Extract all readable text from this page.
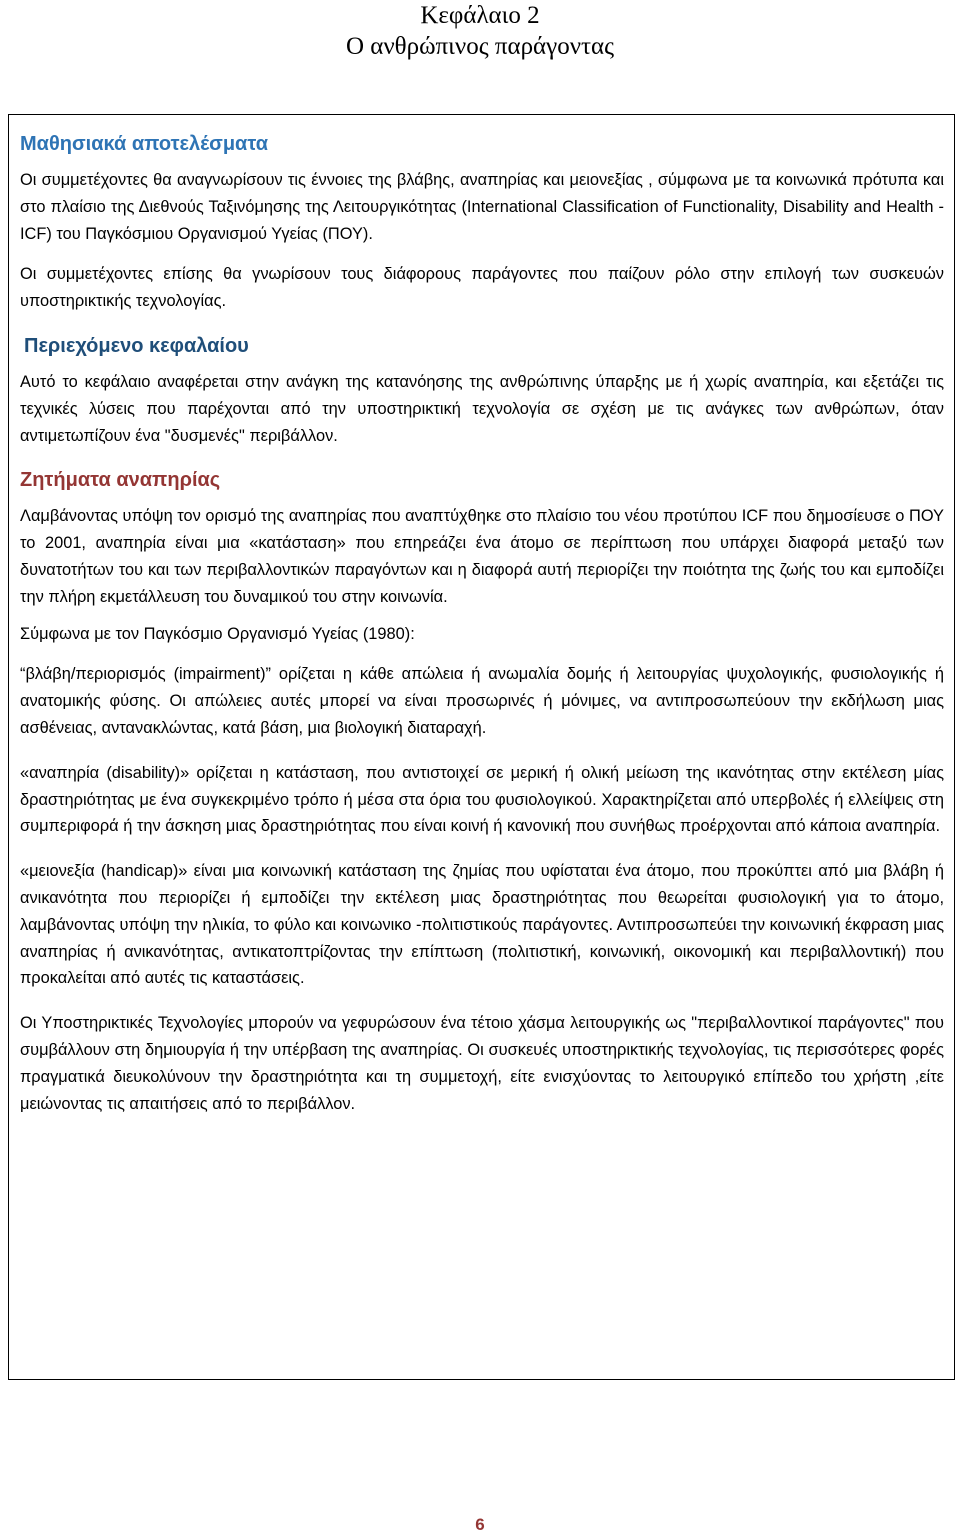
Κεφάλαιο 2
Ο ανθρώπινος παράγοντας
Μαθησιακά αποτελέσματα

Οι συμμετέχοντες θα αναγνωρίσουν τις έννοιες της βλάβης, αναπηρίας και μειονεξίας , σύμφωνα με τα κοινωνικά πρότυπα και στο πλαίσιο της Διεθνούς Ταξινόμησης της Λειτουργικότητας (International Classification of Functionality, Disability and Health - ICF) του Παγκόσμιου Οργανισμού Υγείας (ΠΟΥ).

Οι συμμετέχοντες επίσης θα γνωρίσουν τους διάφορους παράγοντες που παίζουν ρόλο στην επιλογή των συσκευών υποστηρικτικής τεχνολογίας.

Περιεχόμενο κεφαλαίου

Αυτό το κεφάλαιο αναφέρεται στην ανάγκη της κατανόησης της ανθρώπινης ύπαρξης με ή χωρίς αναπηρία, και εξετάζει τις τεχνικές λύσεις που παρέχονται από την υποστηρικτική τεχνολογία σε σχέση με τις ανάγκες των ανθρώπων, όταν αντιμετωπίζουν ένα "δυσμενές" περιβάλλον.

Ζητήματα αναπηρίας

Λαμβάνοντας υπόψη τον ορισμό της αναπηρίας που αναπτύχθηκε στο πλαίσιο του νέου προτύπου ICF που δημοσίευσε ο ΠΟΥ το 2001, αναπηρία είναι μια «κατάσταση» που επηρεάζει ένα άτομο σε περίπτωση που υπάρχει διαφορά μεταξύ των δυνατοτήτων του και των περιβαλλοντικών παραγόντων και η διαφορά αυτή περιορίζει την ποιότητα της ζωής του και εμποδίζει την πλήρη εκμετάλλευση του δυναμικού του στην κοινωνία.

Σύμφωνα με τον Παγκόσμιο Οργανισμό Υγείας (1980):

“βλάβη/περιορισμός (impairment)” ορίζεται η κάθε απώλεια ή ανωμαλία δομής ή λειτουργίας ψυχολογικής, φυσιολογικής ή ανατομικής φύσης. Οι απώλειες αυτές μπορεί να είναι προσωρινές ή μόνιμες, να αντιπροσωπεύουν την εκδήλωση μιας ασθένειας, αντανακλώντας, κατά βάση, μια βιολογική διαταραχή.

«αναπηρία (disability)» ορίζεται η κατάσταση, που αντιστοιχεί σε μερική ή ολική μείωση της ικανότητας στην εκτέλεση μίας δραστηριότητας με ένα συγκεκριμένο τρόπο ή μέσα στα όρια του φυσιολογικού. Χαρακτηρίζεται από υπερβολές ή ελλείψεις στη συμπεριφορά ή την άσκηση μιας δραστηριότητας που είναι κοινή ή κανονική που συνήθως προέρχονται από κάποια αναπηρία.

«μειονεξία (handicap)» είναι μια κοινωνική κατάσταση της ζημίας που υφίσταται ένα άτομο, που προκύπτει από μια βλάβη ή ανικανότητα που περιορίζει ή εμποδίζει την εκτέλεση μιας δραστηριότητας που θεωρείται φυσιολογική για το άτομο, λαμβάνοντας υπόψη την ηλικία, το φύλο και κοινωνικο -πολιτιστικούς παράγοντες. Αντιπροσωπεύει την κοινωνική έκφραση μιας αναπηρίας ή ανικανότητας, αντικατοπτρίζοντας την επίπτωση (πολιτιστική, κοινωνική, οικονομική και περιβαλλοντική) που προκαλείται από αυτές τις καταστάσεις.

Οι Υποστηρικτικές Τεχνολογίες μπορούν να γεφυρώσουν ένα τέτοιο χάσμα λειτουργικής ως "περιβαλλοντικοί παράγοντες" που συμβάλλουν στη δημιουργία ή την υπέρβαση της αναπηρίας. Οι συσκευές υποστηρικτικής τεχνολογίας, τις περισσότερες φορές πραγματικά διευκολύνουν την δραστηριότητα και τη συμμετοχή, είτε ενισχύοντας το λειτουργικό επίπεδο του χρήστη ,είτε μειώνοντας τις απαιτήσεις από το περιβάλλον.

6
